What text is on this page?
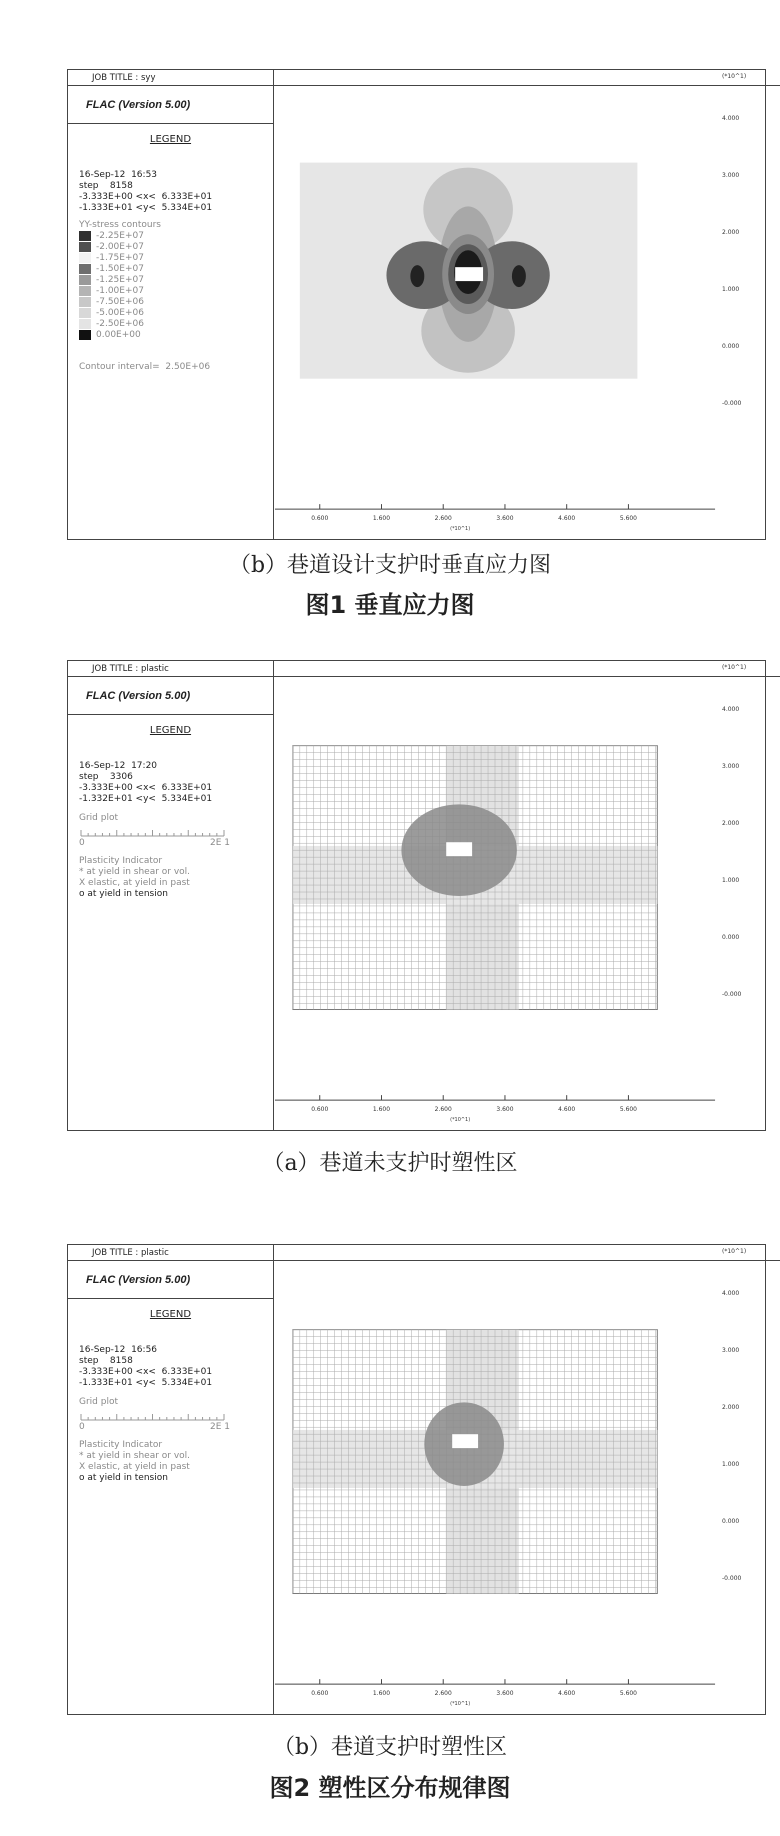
JOB TITLE : syy
FLAC (Version 5.00)
LEGEND
16-Sep-12  16:53
step    8158
-3.333E+00 <x<  6.333E+01
-1.333E+01 <y<  5.334E+01
YY-stress contours
-2.25E+07
-2.00E+07
-1.75E+07
-1.50E+07
-1.25E+07
-1.00E+07
-7.50E+06
-5.00E+06
-2.50E+06
0.00E+00
Contour interval=  2.50E+06
0.600	1.600	2.600	3.600	4.600	5.600
(*10^1)
(*10^1)
4.000
3.000
2.000
1.000
0.000
-0.000
（b）巷道设计支护时垂直应力图
图1 垂直应力图
JOB TITLE : plastic
FLAC (Version 5.00)
LEGEND
16-Sep-12  17:20
step    3306
-3.333E+00 <x<  6.333E+01
-1.332E+01 <y<  5.334E+01
Grid plot
0	2E 1
Plasticity Indicator
* at yield in shear or vol.
X elastic, at yield in past
o at yield in tension
0.600	1.600	2.600	3.600	4.600	5.600
(*10^1)
(*10^1)
4.000
3.000
2.000
1.000
0.000
-0.000
（a）巷道未支护时塑性区
JOB TITLE : plastic
FLAC (Version 5.00)
LEGEND
16-Sep-12  16:56
step    8158
-3.333E+00 <x<  6.333E+01
-1.333E+01 <y<  5.334E+01
Grid plot
0	2E 1
Plasticity Indicator
* at yield in shear or vol.
X elastic, at yield in past
o at yield in tension
0.600	1.600	2.600	3.600	4.600	5.600
(*10^1)
(*10^1)
4.000
3.000
2.000
1.000
0.000
-0.000
（b）巷道支护时塑性区
图2 塑性区分布规律图
